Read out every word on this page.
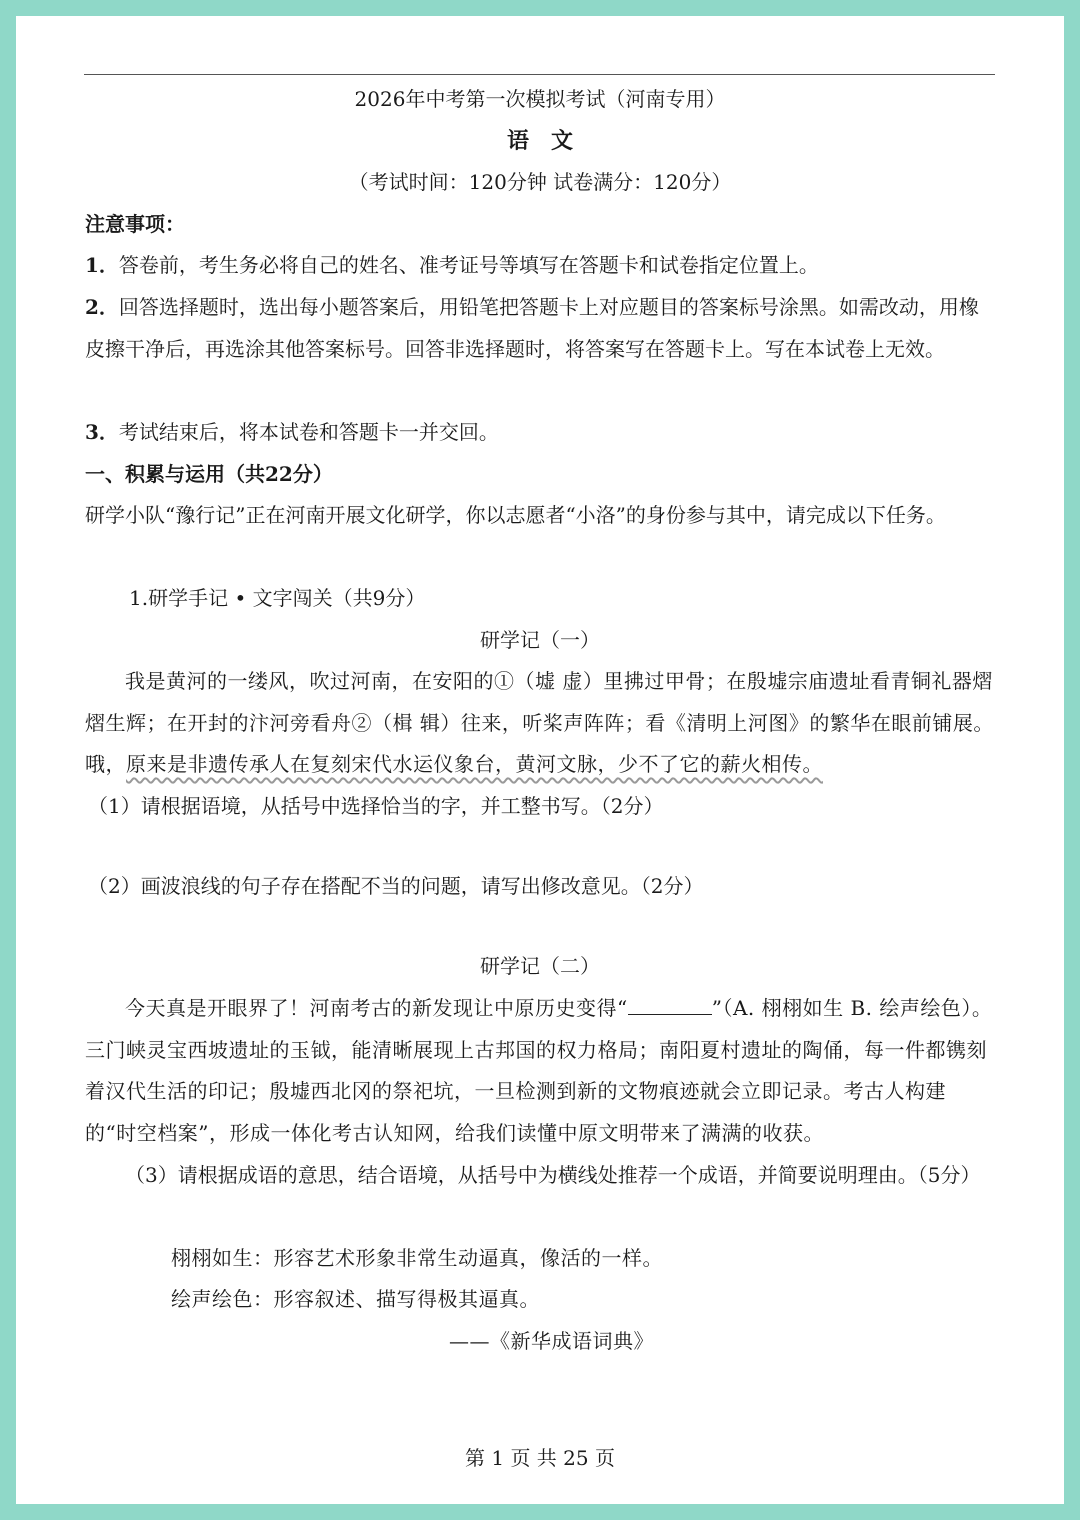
2026年中考第一次模拟考试（河南专用）

语　文

（考试时间：120分钟 试卷满分：120分）

注意事项：

1．答卷前，考生务必将自己的姓名、准考证号等填写在答题卡和试卷指定位置上。

2．回答选择题时，选出每小题答案后，用铅笔把答题卡上对应题目的答案标号涂黑。如需改动，用橡皮擦干净后，再选涂其他答案标号。回答非选择题时，将答案写在答题卡上。写在本试卷上无效。

3．考试结束后，将本试卷和答题卡一并交回。

一、积累与运用（共22分）

研学小队“豫行记”正在河南开展文化研学，你以志愿者“小洛”的身份参与其中，请完成以下任务。

1.研学手记 • 文字闯关（共9分）

研学记（一）

我是黄河的一缕风，吹过河南，在安阳的①（墟 虚）里拂过甲骨；在殷墟宗庙遗址看青铜礼器熠熠生辉；在开封的汴河旁看舟②（楫 辑）往来，听桨声阵阵；看《清明上河图》的繁华在眼前铺展。哦，原来是非遗传承人在复刻宋代水运仪象台，黄河文脉，少不了它的薪火相传。

（1）请根据语境，从括号中选择恰当的字，并工整书写。（2分）

（2）画波浪线的句子存在搭配不当的问题，请写出修改意见。（2分）

研学记（二）

今天真是开眼界了！河南考古的新发现让中原历史变得“	”（A. 栩栩如生 B. 绘声绘色）。三门峡灵宝西坡遗址的玉钺，能清晰展现上古邦国的权力格局；南阳夏村遗址的陶俑，每一件都镌刻着汉代生活的印记；殷墟西北冈的祭祀坑，一旦检测到新的文物痕迹就会立即记录。考古人构建的“时空档案”，形成一体化考古认知网，给我们读懂中原文明带来了满满的收获。

（3）请根据成语的意思，结合语境，从括号中为横线处推荐一个成语，并简要说明理由。（5分）

栩栩如生：形容艺术形象非常生动逼真，像活的一样。

绘声绘色：形容叙述、描写得极其逼真。

——《新华成语词典》

第 1 页 共 25 页
